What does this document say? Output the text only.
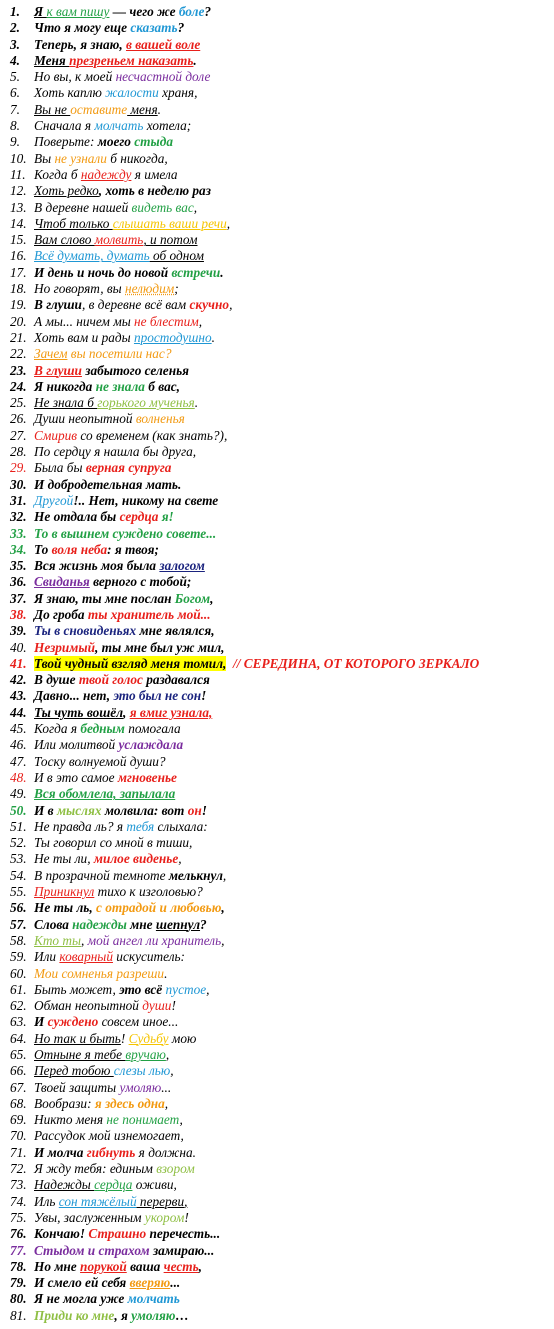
1.	Я к вам пишу — чего же боле?
2.	Что я могу еще сказать?
3.	Теперь, я знаю, в вашей воле
4.	Меня презреньем наказать.
5.	Но вы, к моей несчастной доле
6.	Хоть каплю жалости храня,
7.	Вы не оставите меня.
8.	Сначала я молчать хотела;
9.	Поверьте: моего стыда
10. Вы не узнали б никогда,
11. Когда б надежду я имела
12. Хоть редко, хоть в неделю раз
13. В деревне нашей видеть вас,
14. Чтоб только слышать ваши речи,
15. Вам слово молвить, и потом
16. Всё думать, думать об одном
17. И день и ночь до новой встречи.
18. Но говорят, вы нелюдим;
19. В глуши, в деревне всё вам скучно,
20. А мы... ничем мы не блестим,
21. Хоть вам и рады простодушно.
22. Зачем вы посетили нас?
23. В глуши забытого селенья
24. Я никогда не знала б вас,
25. Не знала б горького мученья.
26. Души неопытной волненья
27. Смирив со временем (как знать?),
28. По сердцу я нашла бы друга,
29. Была бы верная супруга
30. И добродетельная мать.
31. Другой!.. Нет, никому на свете
32. Не отдала бы сердца я!
33. То в вышнем суждено совете...
34. То воля неба: я твоя;
35. Вся жизнь моя была залогом
36. Свиданья верного с тобой;
37. Я знаю, ты мне послан Богом,
38. До гроба ты хранитель мой...
39. Ты в сновиденьях мне являлся,
40. Незримый, ты мне был уж мил,
41. Твой чудный взгляд меня томил,  // СЕРЕДИНА, ОТ КОТОРОГО ЗЕРКАЛО
42. В душе твой голос раздавался
43. Давно... нет, это был не сон!
44. Ты чуть вошёл, я вмиг узнала,
45. Когда я бедным помогала
46. Или молитвой услаждала
47. Тоску волнуемой души?
48. И в это самое мгновенье
49. Вся обомлела, запылала
50. И в мыслях молвила: вот он!
51. Не правда ль? я тебя слыхала:
52. Ты говорил со мной в тиши,
53. Не ты ли, милое виденье,
54. В прозрачной темноте мелькнул,
55. Приникнул тихо к изголовью?
56. Не ты ль, с отрадой и любовью,
57. Слова надежды мне шепнул?
58. Кто ты, мой ангел ли хранитель,
59. Или коварный искуситель:
60. Мои сомненья разреши.
61. Быть может, это всё пустое,
62. Обман неопытной души!
63. И суждено совсем иное...
64. Но так и быть! Судьбу мою
65. Отныне я тебе вручаю,
66. Перед тобою слезы лью,
67. Твоей защиты умоляю...
68. Вообрази: я здесь одна,
69. Никто меня не понимает,
70. Рассудок мой изнемогает,
71. И молча гибнуть я должна.
72. Я жду тебя: единым взором
73. Надежды сердца оживи,
74. Иль сон тяжёлый перерви,
75. Увы, заслуженным укором!
76. Кончаю! Страшно перечесть...
77. Стыдом и страхом замираю...
78. Но мне порукой ваша честь,
79. И смело ей себя вверяю...
80. Я не могла уже молчать
81. Приди ко мне, я умоляю…
